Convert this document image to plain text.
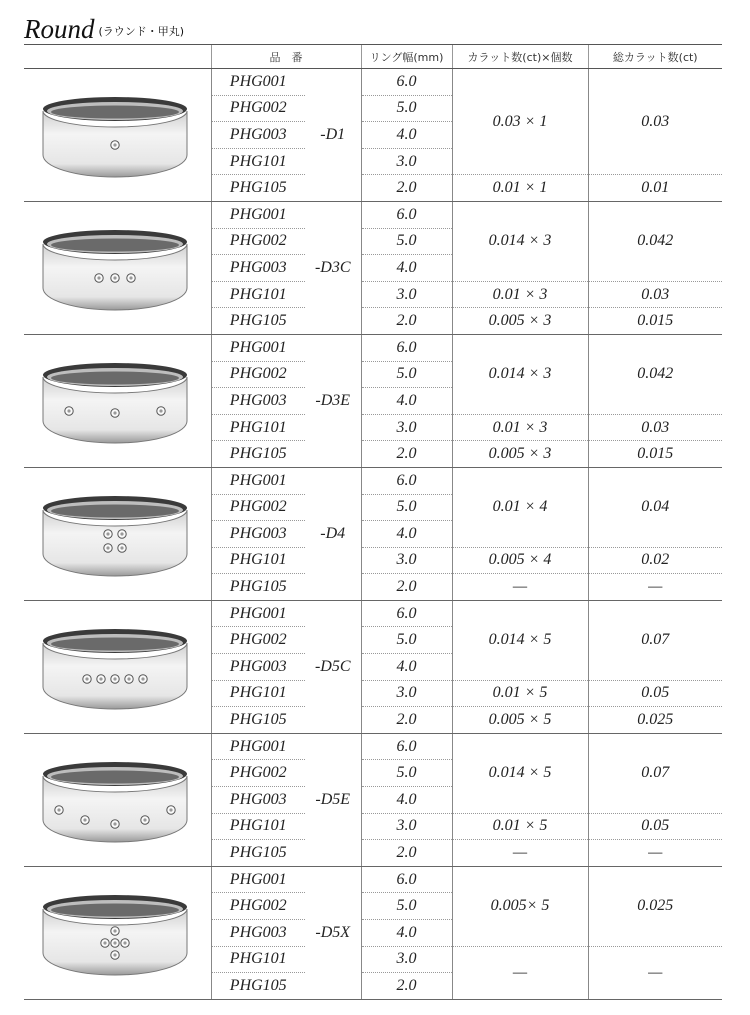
Round $^{(ラウンド・甲丸)}$
	品　番		リング幅(mm)	カラット数(ct)×個数	総カラット数(ct)

	PHG001	-D1	6.0	0.03 × 1	0.03
	PHG002		5.0		
	PHG003		4.0		
	PHG101		3.0		
	PHG105		2.0	0.01 × 1	0.01

	PHG001	-D3C	6.0	0.014 × 3	0.042
	PHG002		5.0		
	PHG003		4.0		
	PHG101		3.0	0.01 × 3	0.03
	PHG105		2.0	0.005 × 3	0.015

	PHG001	-D3E	6.0	0.014 × 3	0.042
	PHG002		5.0		
	PHG003		4.0		
	PHG101		3.0	0.01 × 3	0.03
	PHG105		2.0	0.005 × 3	0.015

	PHG001	-D4	6.0	0.01 × 4	0.04
	PHG002		5.0		
	PHG003		4.0		
	PHG101		3.0	0.005 × 4	0.02
	PHG105		2.0	—	—

	PHG001	-D5C	6.0	0.014 × 5	0.07
	PHG002		5.0		
	PHG003		4.0		
	PHG101		3.0	0.01 × 5	0.05
	PHG105		2.0	0.005 × 5	0.025

	PHG001	-D5E	6.0	0.014 × 5	0.07
	PHG002		5.0		
	PHG003		4.0		
	PHG101		3.0	0.01 × 5	0.05
	PHG105		2.0	—	—

	PHG001	-D5X	6.0	0.005× 5	0.025
	PHG002		5.0		
	PHG003		4.0		
	PHG101		3.0	—	—
	PHG105		2.0		
